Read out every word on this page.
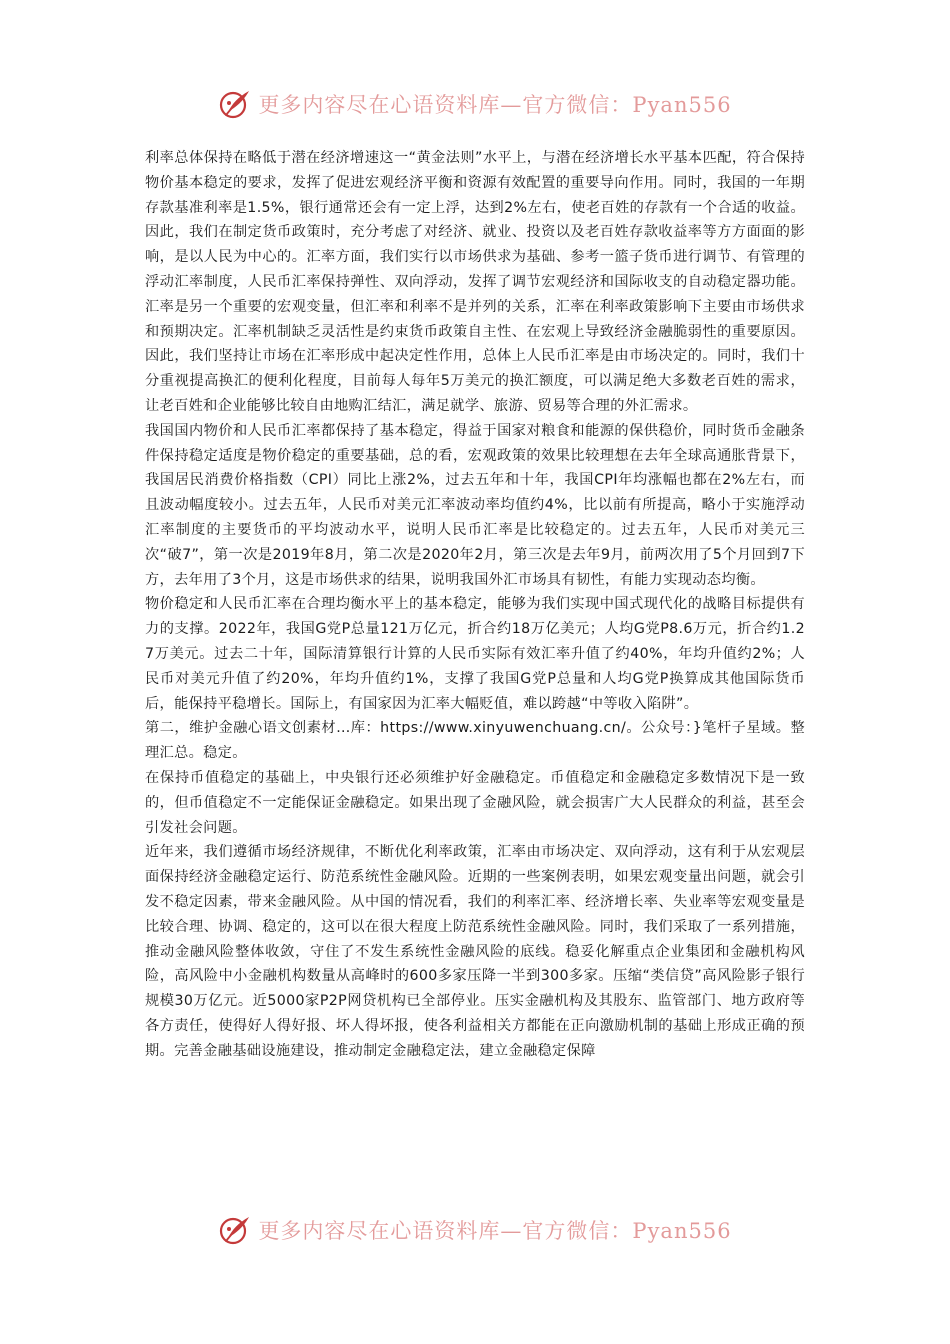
更多内容尽在心语资料库—官方微信：Pyan556

利率总体保持在略低于潜在经济增速这一“黄金法则”水平上，与潜在经济增长水平基本匹配，符合保持物价基本稳定的要求，发挥了促进宏观经济平衡和资源有效配置的重要导向作用。同时，我国的一年期存款基准利率是1.5%，银行通常还会有一定上浮，达到2%左右，使老百姓的存款有一个合适的收益。因此，我们在制定货币政策时，充分考虑了对经济、就业、投资以及老百姓存款收益率等方方面面的影响，是以人民为中心的。汇率方面，我们实行以市场供求为基础、参考一篮子货币进行调节、有管理的浮动汇率制度，人民币汇率保持弹性、双向浮动，发挥了调节宏观经济和国际收支的自动稳定器功能。汇率是另一个重要的宏观变量，但汇率和利率不是并列的关系，汇率在利率政策影响下主要由市场供求和预期决定。汇率机制缺乏灵活性是约束货币政策自主性、在宏观上导致经济金融脆弱性的重要原因。因此，我们坚持让市场在汇率形成中起决定性作用，总体上人民币汇率是由市场决定的。同时，我们十分重视提高换汇的便利化程度，目前每人每年5万美元的换汇额度，可以满足绝大多数老百姓的需求，让老百姓和企业能够比较自由地购汇结汇，满足就学、旅游、贸易等合理的外汇需求。

我国国内物价和人民币汇率都保持了基本稳定，得益于国家对粮食和能源的保供稳价，同时货币金融条件保持稳定适度是物价稳定的重要基础，总的看，宏观政策的效果比较理想在去年全球高通胀背景下，我国居民消费价格指数（CPI）同比上涨2%，过去五年和十年，我国CPI年均涨幅也都在2%左右，而且波动幅度较小。过去五年，人民币对美元汇率波动率均值约4%，比以前有所提高，略小于实施浮动汇率制度的主要货币的平均波动水平，说明人民币汇率是比较稳定的。过去五年，人民币对美元三次“破7”，第一次是2019年8月，第二次是2020年2月，第三次是去年9月，前两次用了5个月回到7下方，去年用了3个月，这是市场供求的结果，说明我国外汇市场具有韧性，有能力实现动态均衡。

物价稳定和人民币汇率在合理均衡水平上的基本稳定，能够为我们实现中国式现代化的战略目标提供有力的支撑。2022年，我国G党P总量121万亿元，折合约18万亿美元；人均G党P8.6万元，折合约1.27万美元。过去二十年，国际清算银行计算的人民币实际有效汇率升值了约40%，年均升值约2%；人民币对美元升值了约20%，年均升值约1%，支撑了我国G党P总量和人均G党P换算成其他国际货币后，能保持平稳增长。国际上，有国家因为汇率大幅贬值，难以跨越“中等收入陷阱”。

第二，维护金融心语文创素材…库：https://www.xinyuwenchuang.cn/。公众号：}笔杆子星域。整理汇总。稳定。

在保持币值稳定的基础上，中央银行还必须维护好金融稳定。币值稳定和金融稳定多数情况下是一致的，但币值稳定不一定能保证金融稳定。如果出现了金融风险，就会损害广大人民群众的利益，甚至会引发社会问题。

近年来，我们遵循市场经济规律，不断优化利率政策，汇率由市场决定、双向浮动，这有利于从宏观层面保持经济金融稳定运行、防范系统性金融风险。近期的一些案例表明，如果宏观变量出问题，就会引发不稳定因素，带来金融风险。从中国的情况看，我们的利率汇率、经济增长率、失业率等宏观变量是比较合理、协调、稳定的，这可以在很大程度上防范系统性金融风险。同时，我们采取了一系列措施，推动金融风险整体收敛，守住了不发生系统性金融风险的底线。稳妥化解重点企业集团和金融机构风险，高风险中小金融机构数量从高峰时的600多家压降一半到300多家。压缩“类信贷”高风险影子银行规模30万亿元。近5000家P2P网贷机构已全部停业。压实金融机构及其股东、监管部门、地方政府等各方责任，使得好人得好报、坏人得坏报，使各利益相关方都能在正向激励机制的基础上形成正确的预期。完善金融基础设施建设，推动制定金融稳定法，建立金融稳定保障

更多内容尽在心语资料库—官方微信：Pyan556
